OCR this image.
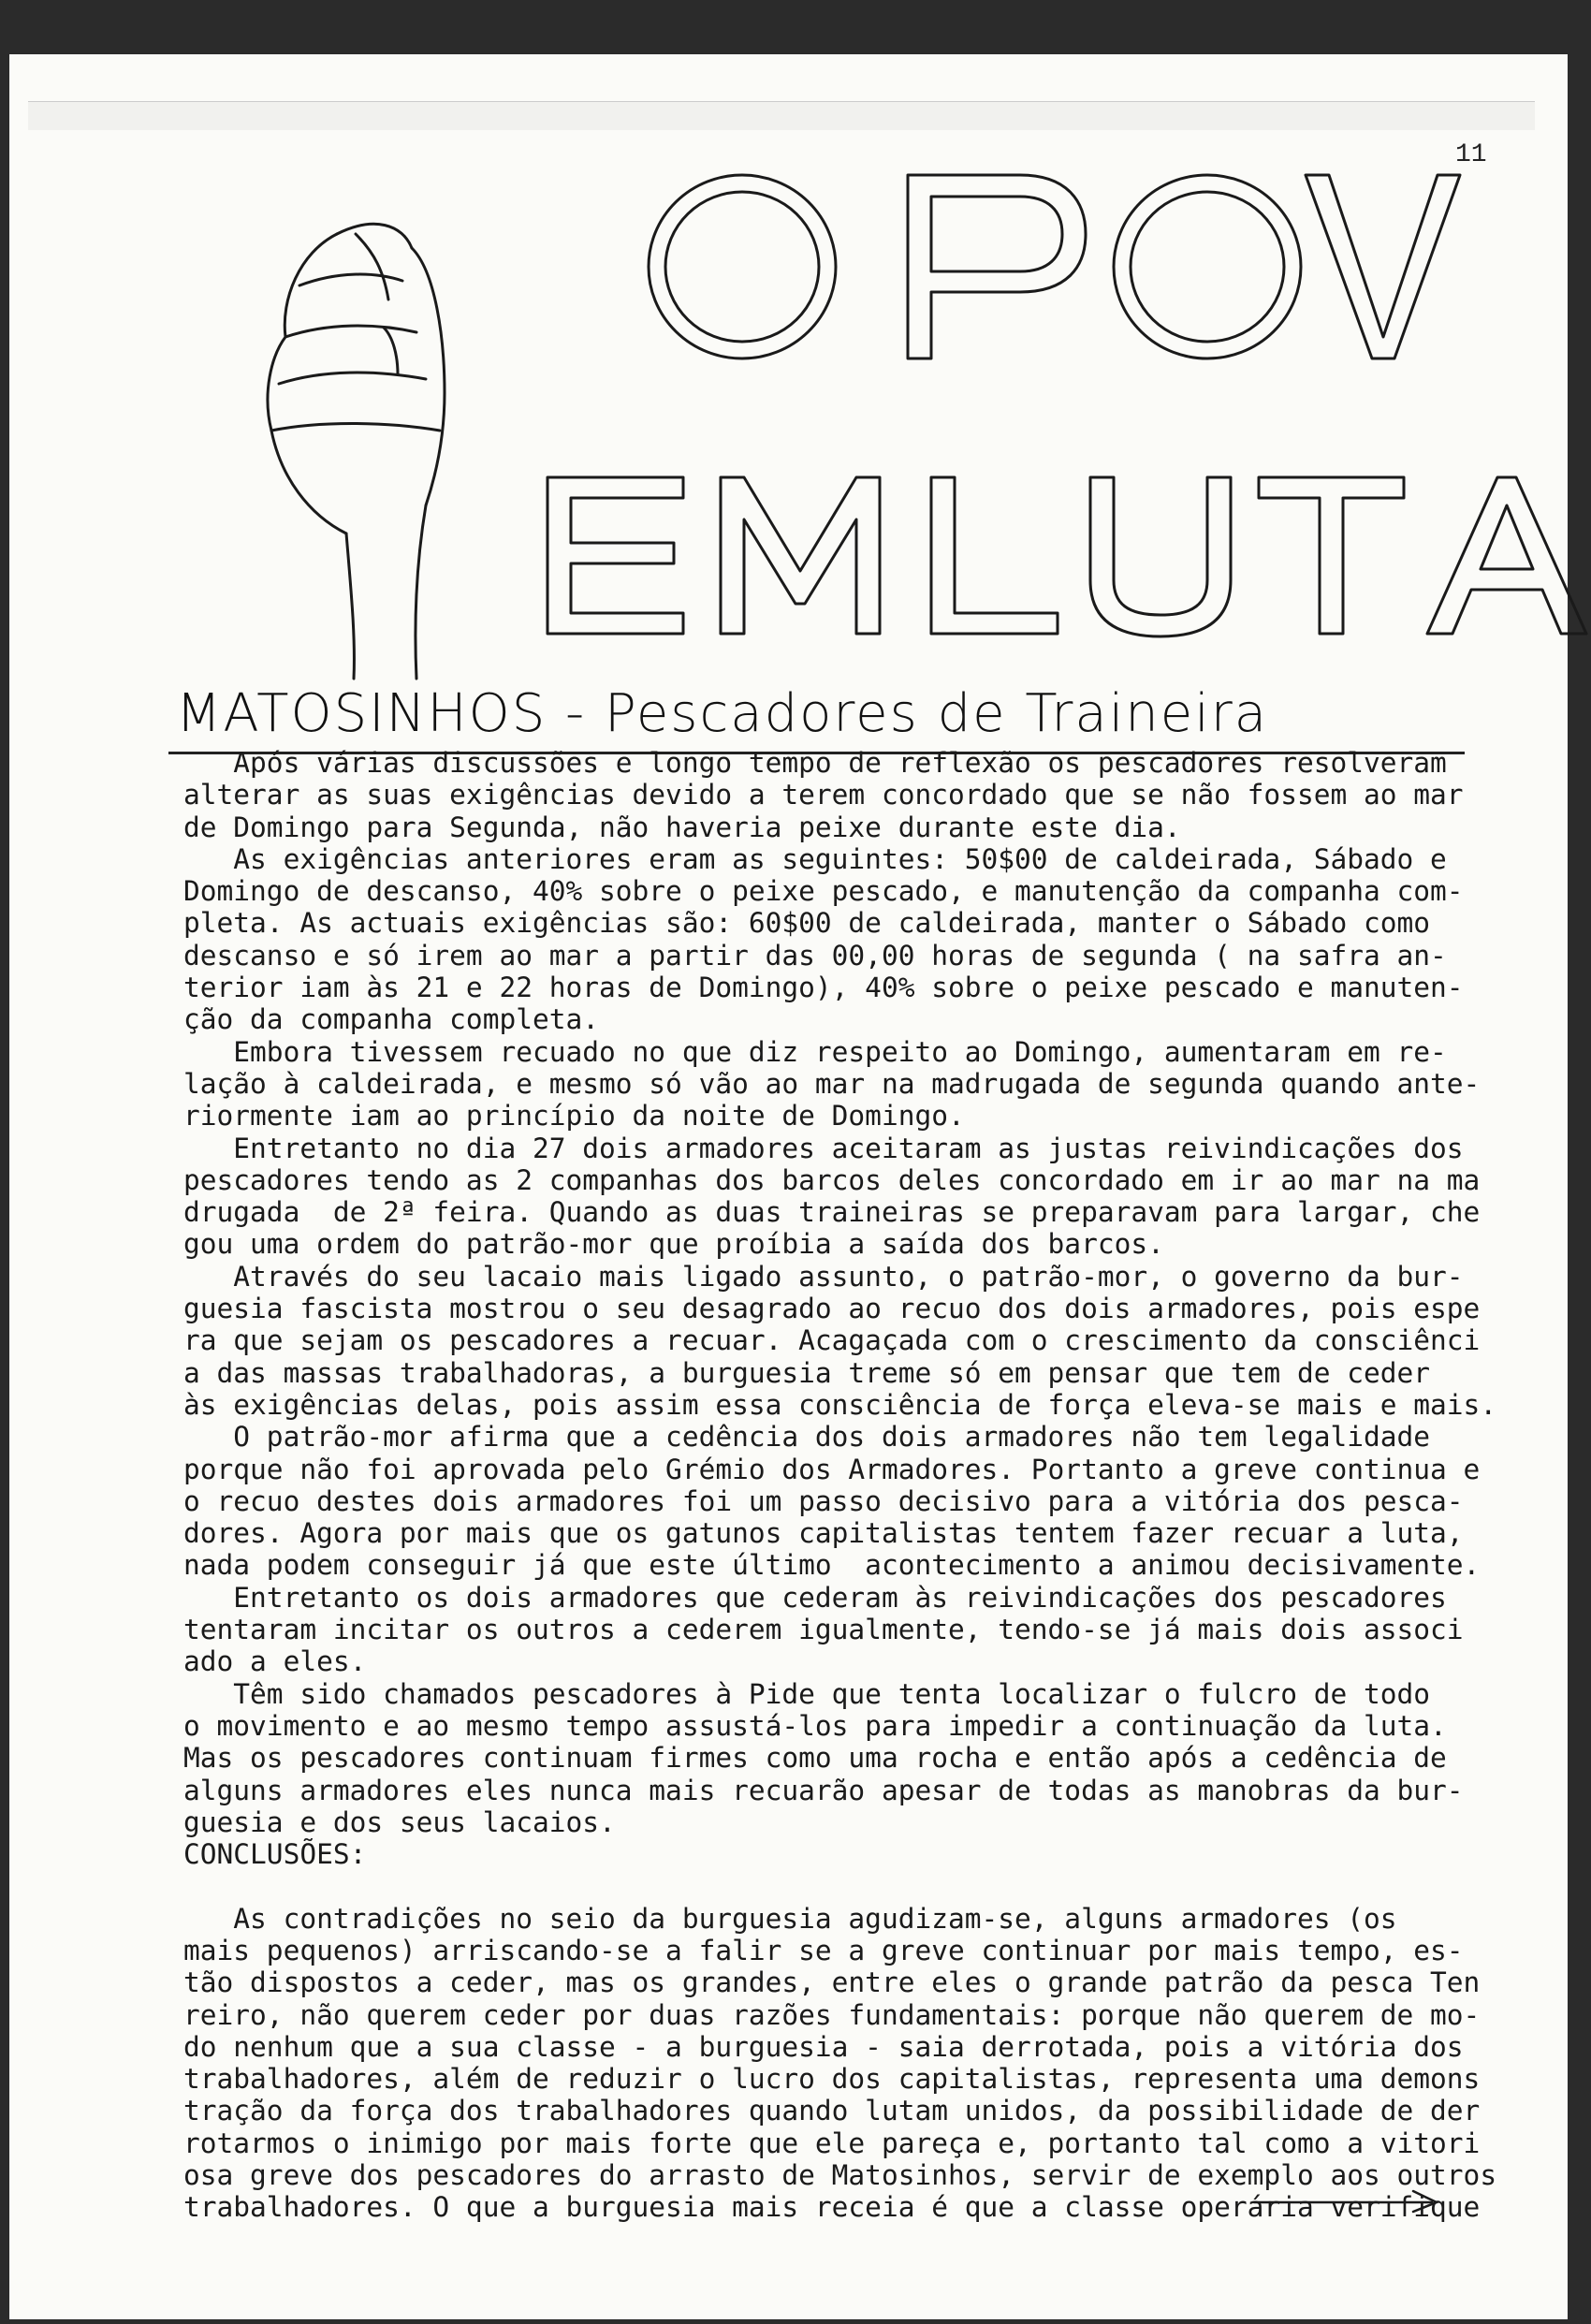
11
MATOSINHOS - Pescadores de Traineira
Após várias discussões e longo tempo de reflexão os pescadores resolveram
alterar as suas exigências devido a terem concordado que se não fossem ao mar
de Domingo para Segunda, não haveria peixe durante este dia.
As exigências anteriores eram as seguintes: 50$00 de caldeirada, Sábado e
Domingo de descanso, 40% sobre o peixe pescado, e manutenção da companha com-
pleta. As actuais exigências são: 60$00 de caldeirada, manter o Sábado como
descanso e só irem ao mar a partir das 00,00 horas de segunda ( na safra an-
terior iam às 21 e 22 horas de Domingo), 40% sobre o peixe pescado e manuten-
ção da companha completa.
Embora tivessem recuado no que diz respeito ao Domingo, aumentaram em re-
lação à caldeirada, e mesmo só vão ao mar na madrugada de segunda quando ante-
riormente iam ao princípio da noite de Domingo.
Entretanto no dia 27 dois armadores aceitaram as justas reivindicações dos
pescadores tendo as 2 companhas dos barcos deles concordado em ir ao mar na ma
drugada  de 2ª feira. Quando as duas traineiras se preparavam para largar, che
gou uma ordem do patrão-mor que proíbia a saída dos barcos.
Através do seu lacaio mais ligado assunto, o patrão-mor, o governo da bur-
guesia fascista mostrou o seu desagrado ao recuo dos dois armadores, pois espe
ra que sejam os pescadores a recuar. Acagaçada com o crescimento da consciênci
a das massas trabalhadoras, a burguesia treme só em pensar que tem de ceder
às exigências delas, pois assim essa consciência de força eleva-se mais e mais.
O patrão-mor afirma que a cedência dos dois armadores não tem legalidade
porque não foi aprovada pelo Grémio dos Armadores. Portanto a greve continua e
o recuo destes dois armadores foi um passo decisivo para a vitória dos pesca-
dores. Agora por mais que os gatunos capitalistas tentem fazer recuar a luta,
nada podem conseguir já que este último  acontecimento a animou decisivamente.
Entretanto os dois armadores que cederam às reivindicações dos pescadores
tentaram incitar os outros a cederem igualmente, tendo-se já mais dois associ
ado a eles.
Têm sido chamados pescadores à Pide que tenta localizar o fulcro de todo
o movimento e ao mesmo tempo assustá-los para impedir a continuação da luta.
Mas os pescadores continuam firmes como uma rocha e então após a cedência de
alguns armadores eles nunca mais recuarão apesar de todas as manobras da bur-
guesia e dos seus lacaios.
CONCLUSÕES:

As contradições no seio da burguesia agudizam-se, alguns armadores (os
mais pequenos) arriscando-se a falir se a greve continuar por mais tempo, es-
tão dispostos a ceder, mas os grandes, entre eles o grande patrão da pesca Ten
reiro, não querem ceder por duas razões fundamentais: porque não querem de mo-
do nenhum que a sua classe - a burguesia - saia derrotada, pois a vitória dos
trabalhadores, além de reduzir o lucro dos capitalistas, representa uma demons
tração da força dos trabalhadores quando lutam unidos, da possibilidade de der
rotarmos o inimigo por mais forte que ele pareça e, portanto tal como a vitori
osa greve dos pescadores do arrasto de Matosinhos, servir de exemplo aos outros
trabalhadores. O que a burguesia mais receia é que a classe operária verifique
